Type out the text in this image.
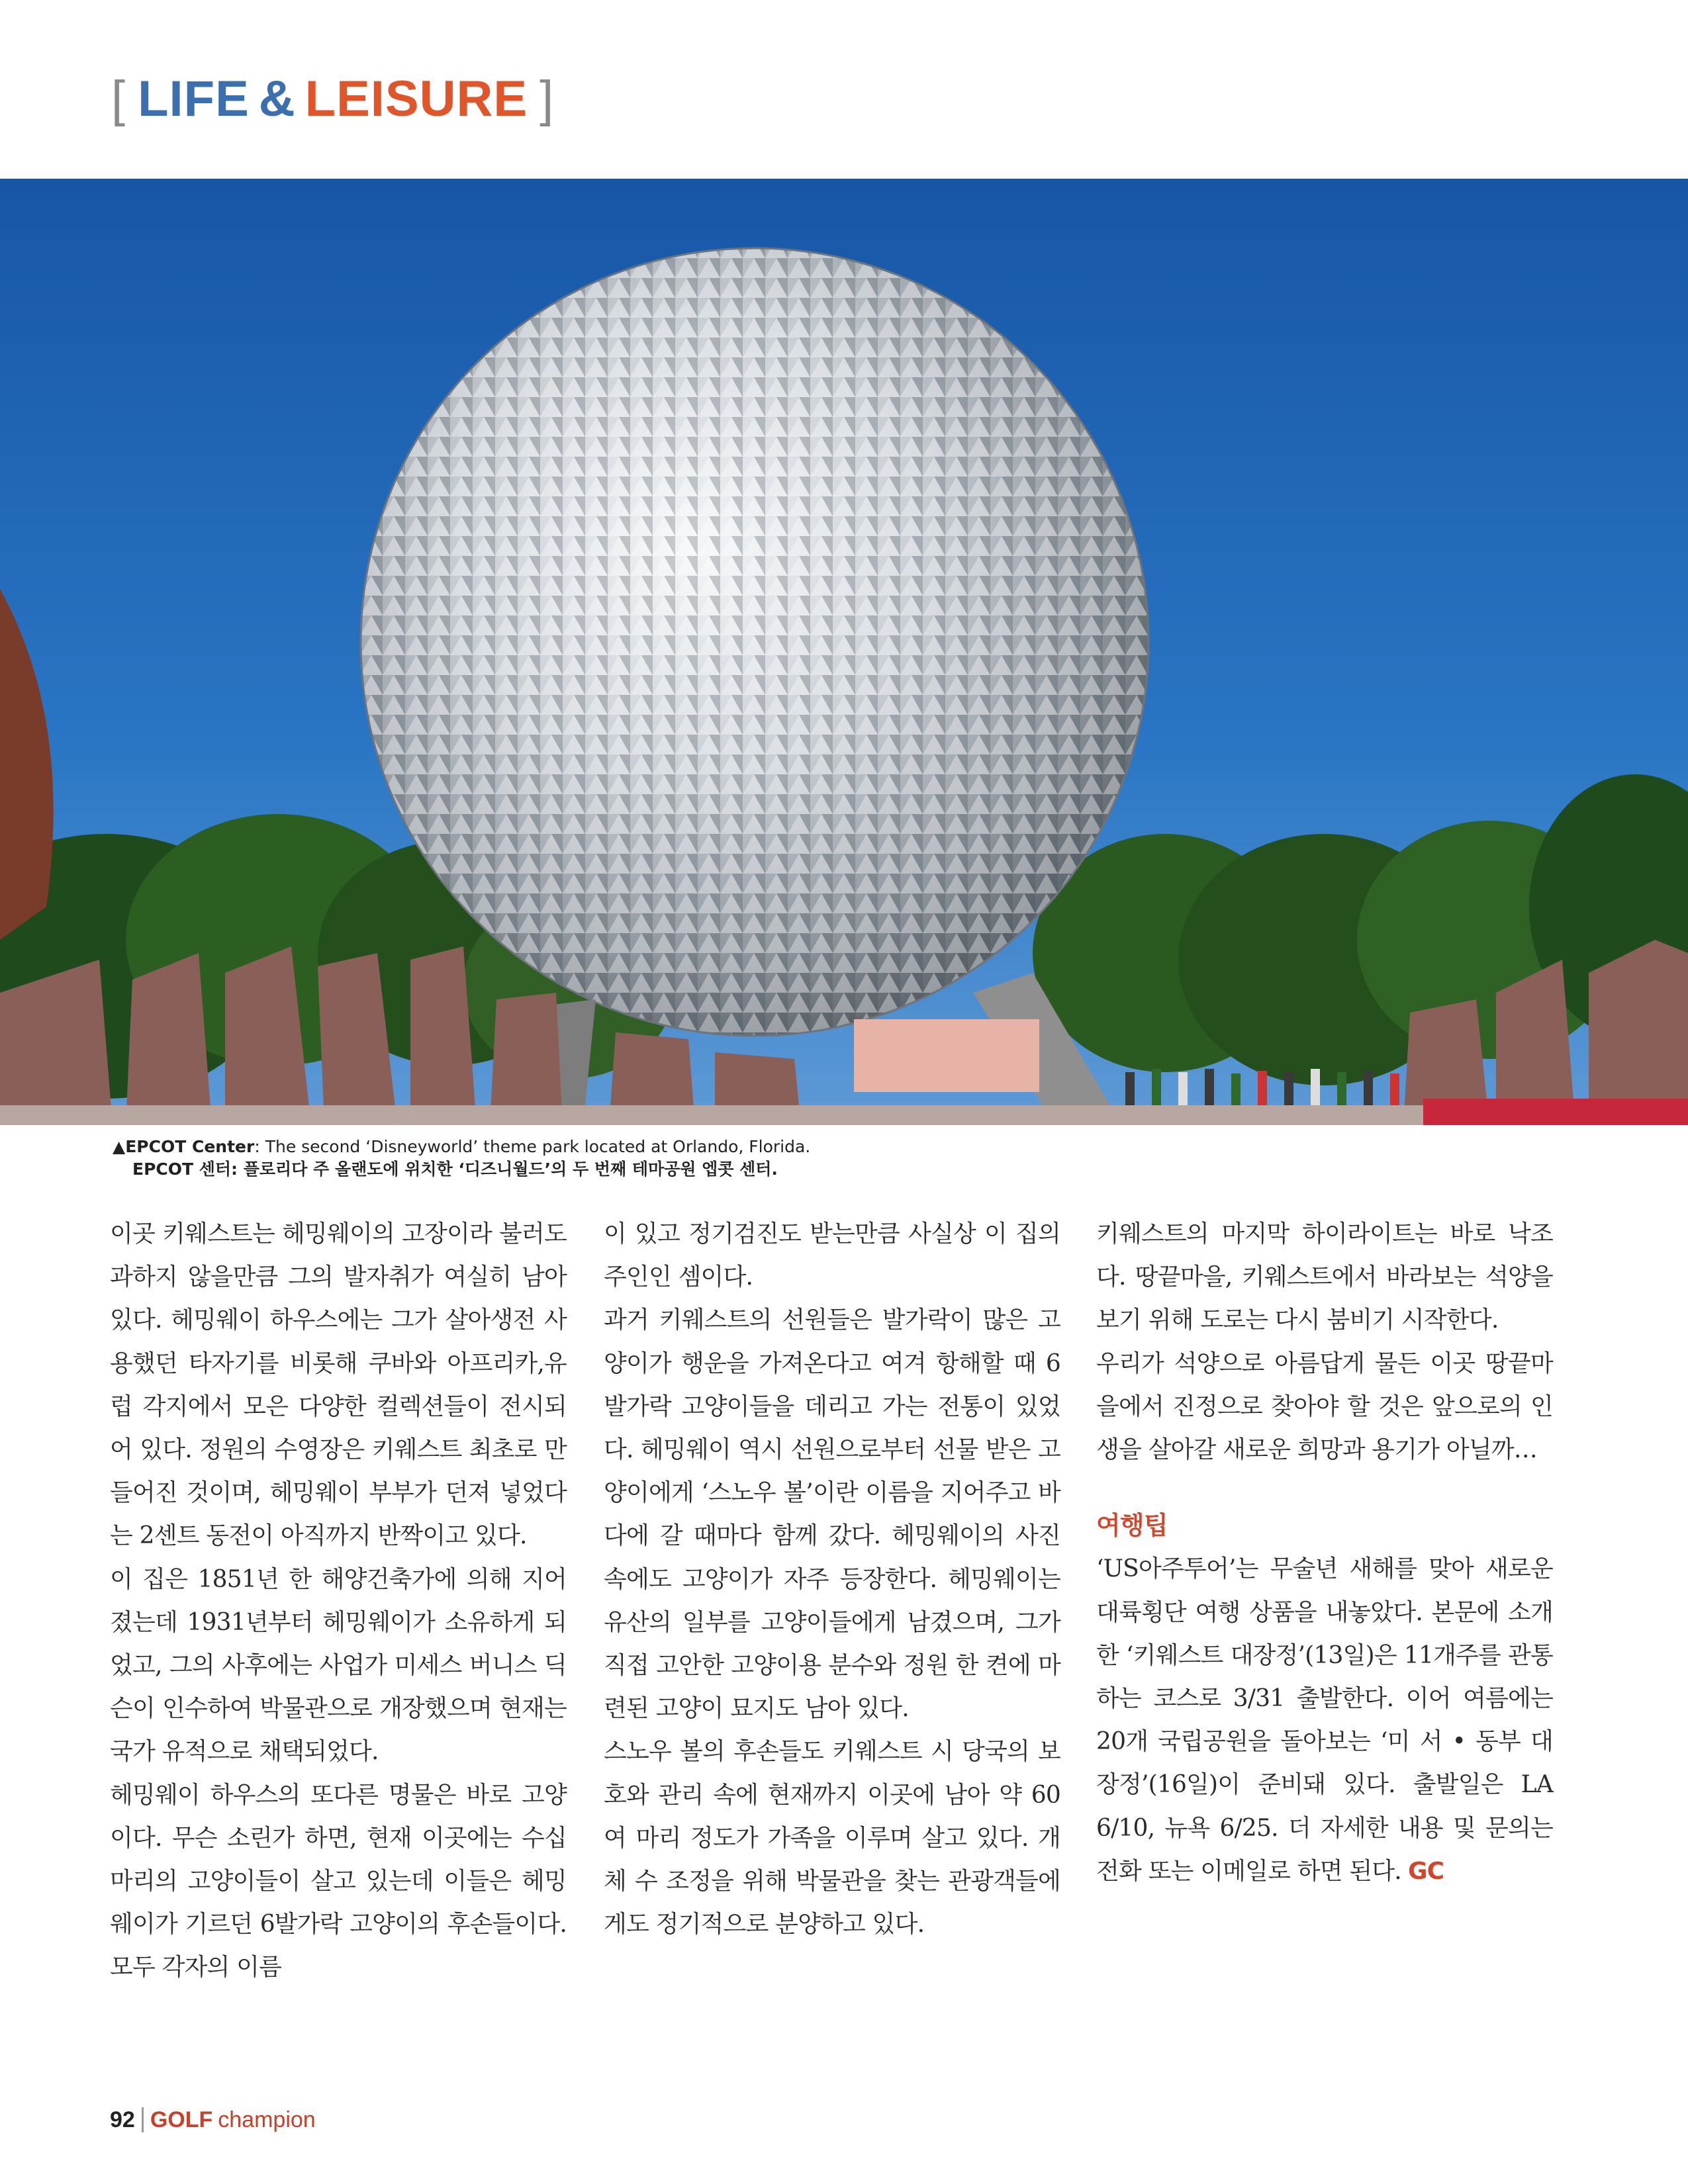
[ LIFE & LEISURE ]
▲EPCOT Center: The second ‘Disneyworld’ theme park located at Orlando, Florida.
EPCOT 센터: 플로리다 주 올랜도에 위치한 ‘디즈니월드’의 두 번째 테마공원 엡콧 센터.

이곳 키웨스트는 헤밍웨이의 고장이라 불러도 과하지 않을만큼 그의 발자취가 여실히 남아 있다. 헤밍웨이 하우스에는 그가 살아생전 사용했던 타자기를 비롯해 쿠바와 아프리카,유럽 각지에서 모은 다양한 컬렉션들이 전시되어 있다. 정원의 수영장은 키웨스트 최초로 만들어진 것이며, 헤밍웨이 부부가 던져 넣었다는 2센트 동전이 아직까지 반짝이고 있다.

이 집은 1851년 한 해양건축가에 의해 지어졌는데 1931년부터 헤밍웨이가 소유하게 되었고, 그의 사후에는 사업가 미세스 버니스 딕슨이 인수하여 박물관으로 개장했으며 현재는 국가 유적으로 채택되었다.

헤밍웨이 하우스의 또다른 명물은 바로 고양이다. 무슨 소린가 하면, 현재 이곳에는 수십마리의 고양이들이 살고 있는데 이들은 헤밍웨이가 기르던 6발가락 고양이의 후손들이다.모두 각자의 이름

이 있고 정기검진도 받는만큼 사실상 이 집의 주인인 셈이다.

과거 키웨스트의 선원들은 발가락이 많은 고양이가 행운을 가져온다고 여겨 항해할 때 6발가락 고양이들을 데리고 가는 전통이 있었다. 헤밍웨이 역시 선원으로부터 선물 받은 고양이에게 ‘스노우 볼’이란 이름을 지어주고 바다에 갈 때마다 함께 갔다. 헤밍웨이의 사진 속에도 고양이가 자주 등장한다. 헤밍웨이는 유산의 일부를 고양이들에게 남겼으며, 그가 직접 고안한 고양이용 분수와 정원 한 켠에 마련된 고양이 묘지도 남아 있다.

스노우 볼의 후손들도 키웨스트 시 당국의 보호와 관리 속에 현재까지 이곳에 남아 약 60여 마리 정도가 가족을 이루며 살고 있다. 개체 수 조정을 위해 박물관을 찾는 관광객들에게도 정기적으로 분양하고 있다.

키웨스트의 마지막 하이라이트는 바로 낙조다. 땅끝마을, 키웨스트에서 바라보는 석양을 보기 위해 도로는 다시 붐비기 시작한다.

우리가 석양으로 아름답게 물든 이곳 땅끝마을에서 진정으로 찾아야 할 것은 앞으로의 인생을 살아갈 새로운 희망과 용기가 아닐까…

여행팁

‘US아주투어’는 무술년 새해를 맞아 새로운 대륙횡단 여행 상품을 내놓았다. 본문에 소개한 ‘키웨스트 대장정’(13일)은 11개주를 관통하는 코스로 3/31 출발한다. 이어 여름에는 20개 국립공원을 돌아보는 ‘미 서 • 동부 대장정’(16일)이 준비돼 있다. 출발일은 LA 6/10, 뉴욕 6/25. 더 자세한 내용 및 문의는 전화 또는 이메일로 하면 된다. GC

92 GOLF champion
